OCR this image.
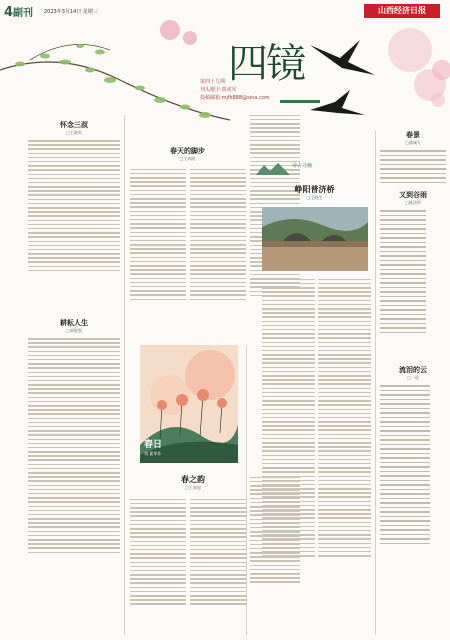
4副刊 2023年3月14日 星期三	山西经济日报
四镜
第四十九期
刊头题字:贾虎军
投稿邮箱:mjfk888@sina.com
怀念三叔
□王晓英
耕耘人生
□郝俊强
春天的脚步
□王成晓
春日
刘 素华作
春之韵
□王春旭
诗古寻幽
峥阳普济桥
□王晓生
春景
□潘诚九
又到谷雨
□姚清华
流泪的云
□一晨
